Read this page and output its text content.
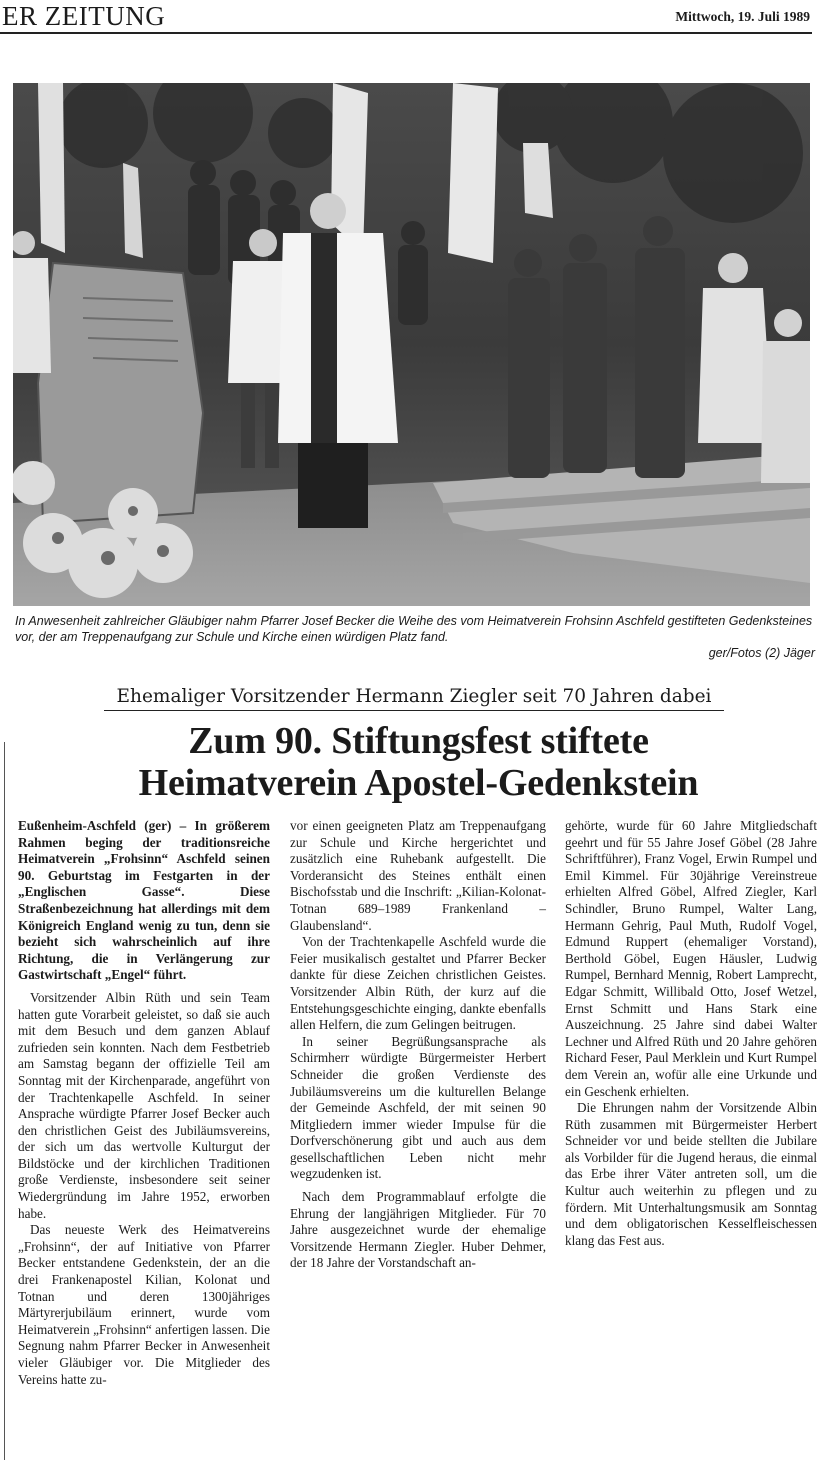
ER ZEITUNG	Mittwoch, 19. Juli 1989
In Anwesenheit zahlreicher Gläubiger nahm Pfarrer Josef Becker die Weihe des vom Heimatverein Frohsinn Aschfeld gestifteten Gedenksteines vor, der am Treppenaufgang zur Schule und Kirche einen würdigen Platz fand.
ger/Fotos (2) Jäger
Ehemaliger Vorsitzender Hermann Ziegler seit 70 Jahren dabei
Zum 90. Stiftungsfest stiftete
Heimatverein Apostel-Gedenkstein

Eußenheim-Aschfeld (ger) – In größerem Rahmen beging der traditionsreiche Heimatverein „Frohsinn“ Aschfeld seinen 90. Geburtstag im Festgarten in der „Englischen Gasse“. Diese Straßenbezeichnung hat allerdings mit dem Königreich England wenig zu tun, denn sie bezieht sich wahrscheinlich auf ihre Richtung, die in Verlängerung zur Gastwirtschaft „Engel“ führt.

Vorsitzender Albin Rüth und sein Team hatten gute Vorarbeit geleistet, so daß sie auch mit dem Besuch und dem ganzen Ablauf zufrieden sein konnten. Nach dem Festbetrieb am Samstag begann der offizielle Teil am Sonntag mit der Kirchenparade, angeführt von der Trachtenkapelle Aschfeld. In seiner Ansprache würdigte Pfarrer Josef Becker auch den christlichen Geist des Jubiläumsvereins, der sich um das wertvolle Kulturgut der Bildstöcke und der kirchlichen Traditionen große Verdienste, insbesondere seit seiner Wiedergründung im Jahre 1952, erworben habe.

Das neueste Werk des Heimatvereins „Frohsinn“, der auf Initiative von Pfarrer Becker entstandene Gedenkstein, der an die drei Frankenapostel Kilian, Kolonat und Totnan und deren 1300jähriges Märtyrerjubiläum erinnert, wurde vom Heimatverein „Frohsinn“ anfertigen lassen. Die Segnung nahm Pfarrer Becker in Anwesenheit vieler Gläubiger vor. Die Mitglieder des Vereins hatte zu-

vor einen geeigneten Platz am Treppenaufgang zur Schule und Kirche hergerichtet und zusätzlich eine Ruhebank aufgestellt. Die Vorderansicht des Steines enthält einen Bischofsstab und die Inschrift: „Kilian-Kolonat-Totnan 689–1989 Frankenland – Glaubensland“.

Von der Trachtenkapelle Aschfeld wurde die Feier musikalisch gestaltet und Pfarrer Becker dankte für diese Zeichen christlichen Geistes. Vorsitzender Albin Rüth, der kurz auf die Entstehungsgeschichte einging, dankte ebenfalls allen Helfern, die zum Gelingen beitrugen.

In seiner Begrüßungsansprache als Schirmherr würdigte Bürgermeister Herbert Schneider die großen Verdienste des Jubiläumsvereins um die kulturellen Belange der Gemeinde Aschfeld, der mit seinen 90 Mitgliedern immer wieder Impulse für die Dorfverschönerung gibt und auch aus dem gesellschaftlichen Leben nicht mehr wegzudenken ist.

Nach dem Programmablauf erfolgte die Ehrung der langjährigen Mitglieder. Für 70 Jahre ausgezeichnet wurde der ehemalige Vorsitzende Hermann Ziegler. Huber Dehmer, der 18 Jahre der Vorstandschaft an-

gehörte, wurde für 60 Jahre Mitgliedschaft geehrt und für 55 Jahre Josef Göbel (28 Jahre Schriftführer), Franz Vogel, Erwin Rumpel und Emil Kimmel. Für 30jährige Vereinstreue erhielten Alfred Göbel, Alfred Ziegler, Karl Schindler, Bruno Rumpel, Walter Lang, Hermann Gehrig, Paul Muth, Rudolf Vogel, Edmund Ruppert (ehemaliger Vorstand), Berthold Göbel, Eugen Häusler, Ludwig Rumpel, Bernhard Mennig, Robert Lamprecht, Edgar Schmitt, Willibald Otto, Josef Wetzel, Ernst Schmitt und Hans Stark eine Auszeichnung. 25 Jahre sind dabei Walter Lechner und Alfred Rüth und 20 Jahre gehören Richard Feser, Paul Merklein und Kurt Rumpel dem Verein an, wofür alle eine Urkunde und ein Geschenk erhielten.

Die Ehrungen nahm der Vorsitzende Albin Rüth zusammen mit Bürgermeister Herbert Schneider vor und beide stellten die Jubilare als Vorbilder für die Jugend heraus, die einmal das Erbe ihrer Väter antreten soll, um die Kultur auch weiterhin zu pflegen und zu fördern. Mit Unterhaltungsmusik am Sonntag und dem obligatorischen Kesselfleischessen klang das Fest aus.
